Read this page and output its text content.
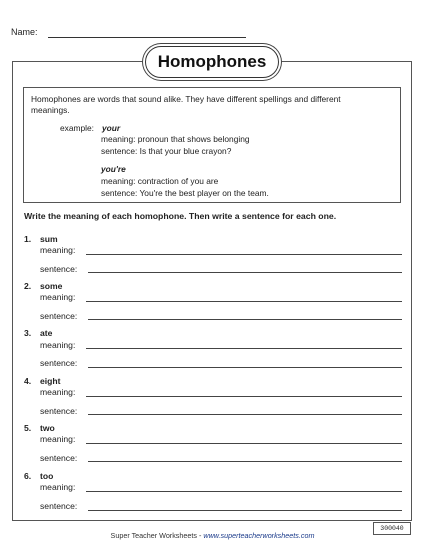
Name:
Homophones
Homophones are words that sound alike. They have different spellings and different meanings.
example: your
meaning: pronoun that shows belonging
sentence: Is that your blue crayon?
you're
meaning: contraction of you are
sentence: You're the best player on the team.
Write the meaning of each homophone. Then write a sentence for each one.
1. sum
meaning:
sentence:
2. some
meaning:
sentence:
3. ate
meaning:
sentence:
4. eight
meaning:
sentence:
5. two
meaning:
sentence:
6. too
meaning:
sentence:
Super Teacher Worksheets - www.superteacherworksheets.com
300040
